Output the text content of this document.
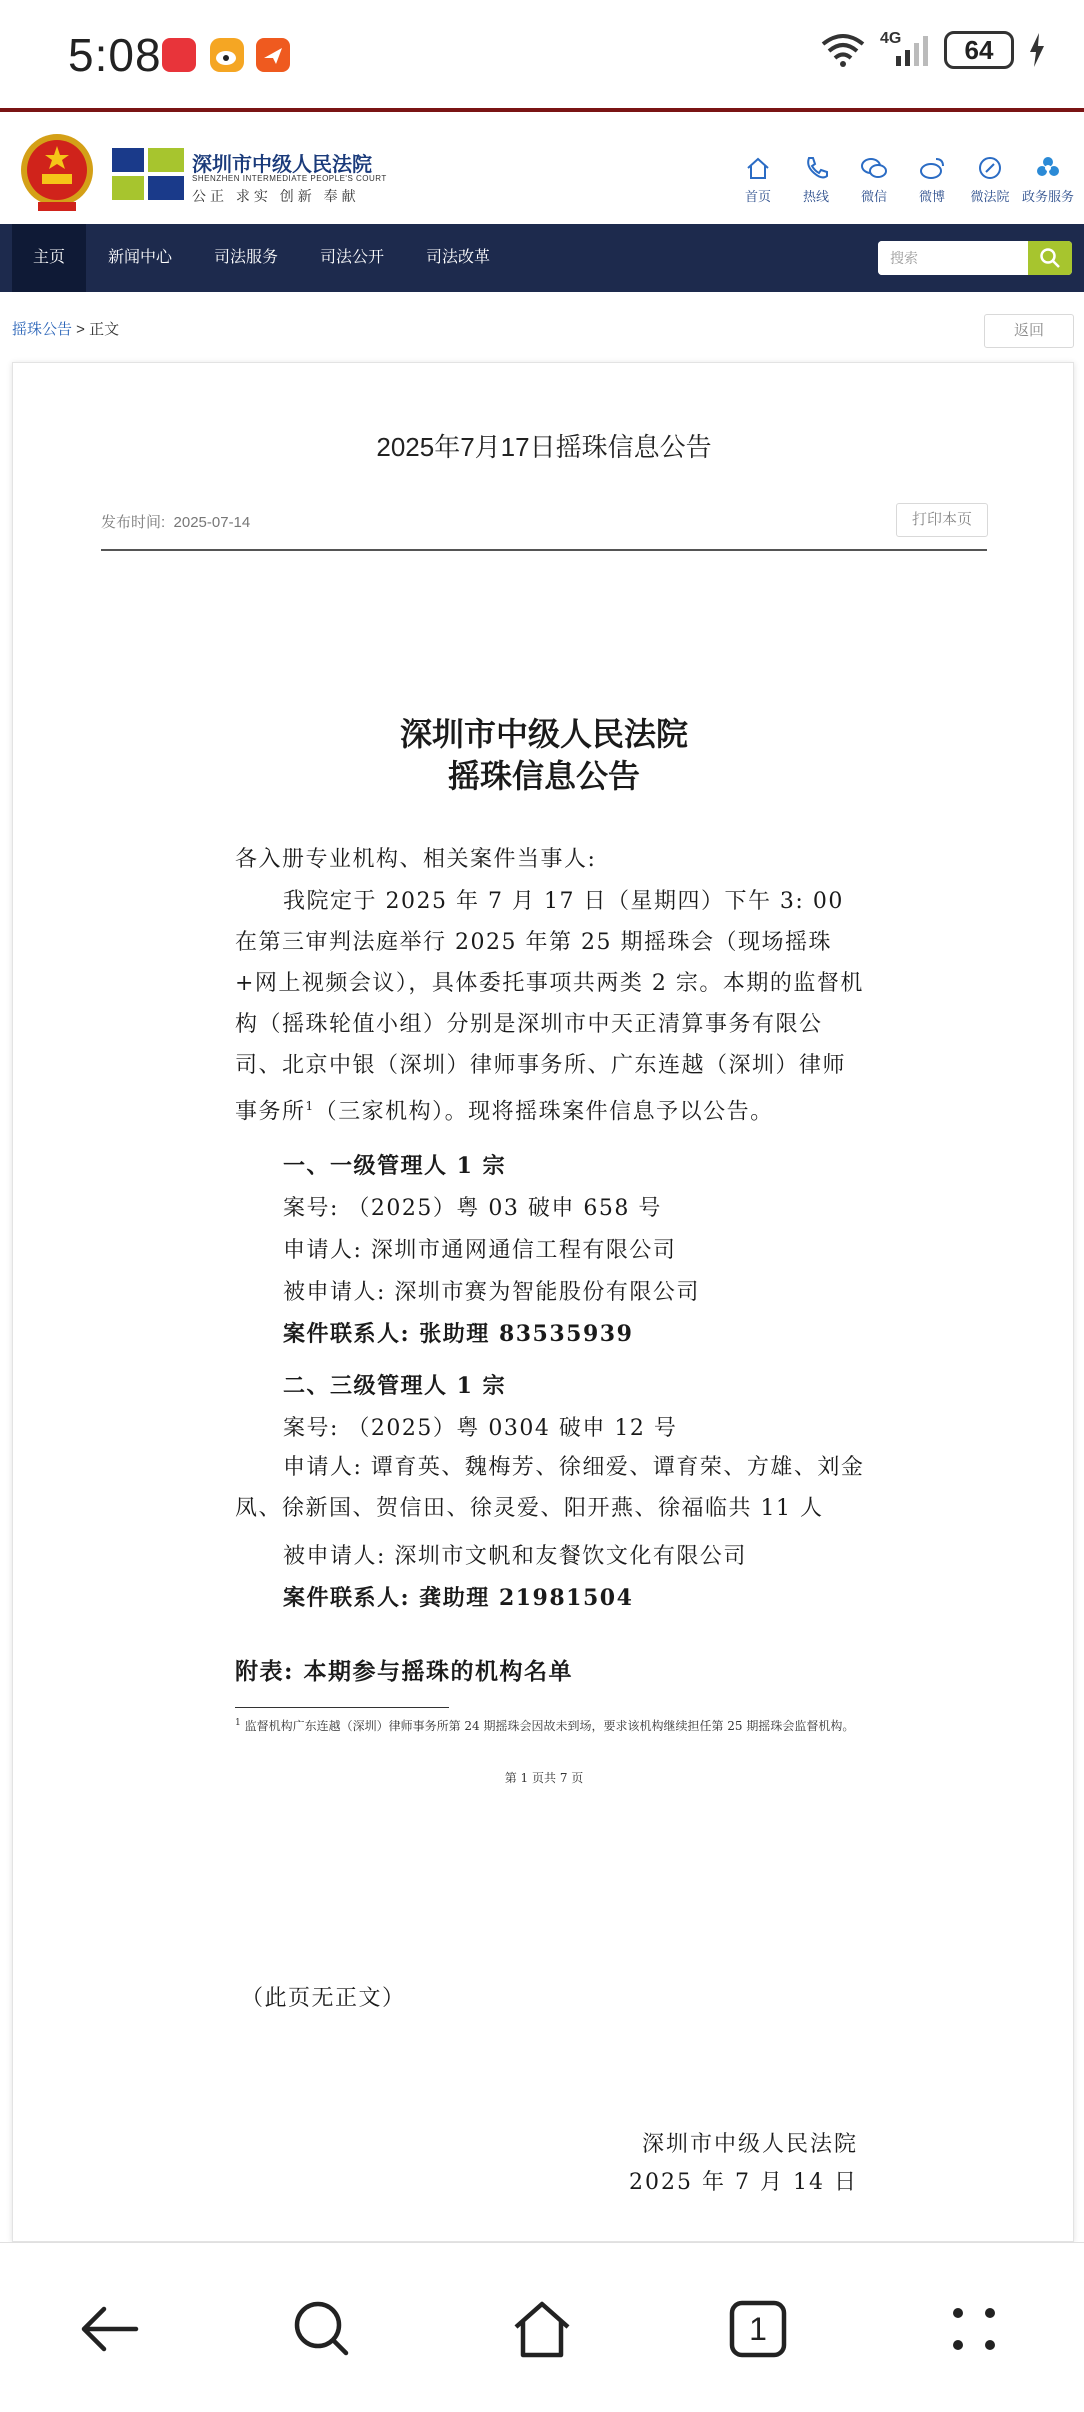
5:08	4G	64
深圳市中级人民法院
SHENZHEN INTERMEDIATE PEOPLE'S COURT
公正 求实 创新 奉献	首页 热线 微信 微博 微法院 政务服务
主页	新闻中心	司法服务	司法公开	司法改革
搜索
摇珠公告 > 正文	返回
2025年7月17日摇珠信息公告
发布时间: 2025-07-14	打印本页
深圳市中级人民法院
摇珠信息公告
各入册专业机构、相关案件当事人:
我院定于 2025 年 7 月 17 日（星期四）下午 3: 00 在第三审判法庭举行 2025 年第 25 期摇珠会（现场摇珠+网上视频会议），具体委托事项共两类 2 宗。本期的监督机构（摇珠轮值小组）分别是深圳市中天正清算事务有限公司、北京中银（深圳）律师事务所、广东连越（深圳）律师事务所$^1$（三家机构）。现将摇珠案件信息予以公告。
一、一级管理人 1 宗
案号: （2025）粤 03 破申 658 号
申请人: 深圳市通网通信工程有限公司
被申请人: 深圳市赛为智能股份有限公司
案件联系人: 张助理 83535939
二、三级管理人 1 宗
案号: （2025）粤 0304 破申 12 号
申请人: 谭育英、魏梅芳、徐细爱、谭育荣、方雄、刘金凤、徐新国、贺信田、徐灵爱、阳开燕、徐福临共 11 人
被申请人: 深圳市文帆和友餐饮文化有限公司
案件联系人: 龚助理 21981504
附表: 本期参与摇珠的机构名单
$^1$ 监督机构广东连越（深圳）律师事务所第 24 期摇珠会因故未到场，要求该机构继续担任第 25 期摇珠会监督机构。
第 1 页共 7 页
（此页无正文）
深圳市中级人民法院
2025 年 7 月 14 日
1
